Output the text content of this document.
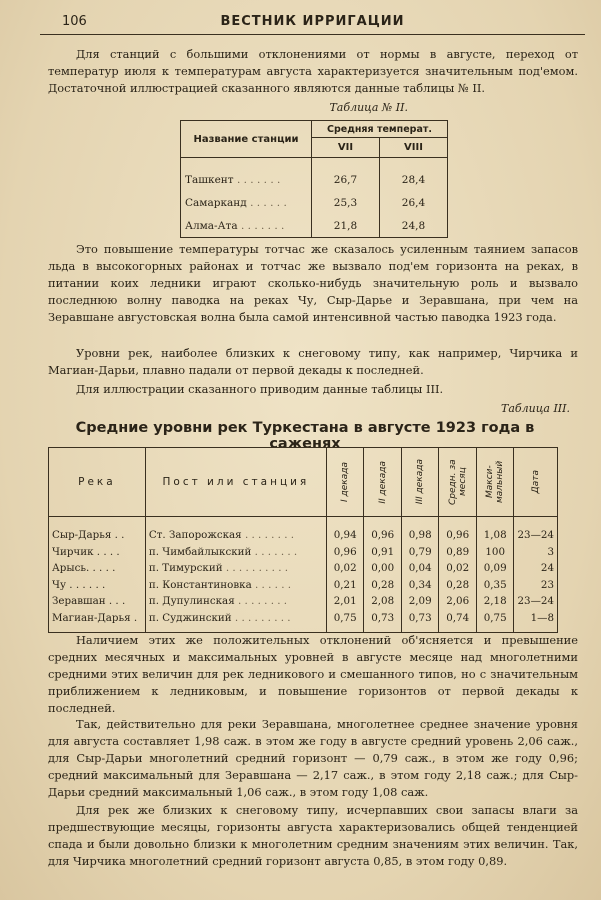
106	ВЕСТНИК ИРРИГАЦИИ

Для станций с большими отклонениями от нормы в августе, переход от температур июля к температурам августа характеризуется значительным под'емом. Достаточной иллюстрацией сказанного являются данные таблицы № II.

Таблица № II.
Название станции	Средняя температ.	
	VII	VIII

Ташкент . . . . . . .	26,7	28,4
Самарканд . . . . . .	25,3	26,4
Алма-Ата . . . . . . .	21,8	24,8

Это повышение температуры тотчас же сказалось усиленным таянием запасов льда в высокогорных районах и тотчас же вызвало под'ем горизонта на реках, в питании коих ледники играют сколько-нибудь значительную роль и вызвало последнюю волну паводка на реках Чу, Сыр-Дарье и Зеравшана, при чем на Зеравшане августовская волна была самой интенсивной частью паводка 1923 года.

Уровни рек, наиболее близких к снеговому типу, как например, Чирчика и Магиан-Дарьи, плавно падали от первой декады к последней.

Для иллюстрации сказанного приводим данные таблицы III.

Таблица III.
Средние уровни рек Туркестана в августе 1923 года в саженях
Река	Пост или станция	I декада	II декада	III декада	Средн. за месяц	Макси-мальный	Дата

Сыр-Дарья . .	Ст. Запорожская . . . . . . . .	0,94	0,96	0,98	0,96	1,08	23—24
Чирчик . . . .	п. Чимбайлыкский . . . . . . .	0,96	0,91	0,79	0,89	100	3
Арысь. . . . .	п. Тимурский . . . . . . . . . .	0,02	0,00	0,04	0,02	0,09	24
Чу . . . . . .	п. Константиновка . . . . . .	0,21	0,28	0,34	0,28	0,35	23
Зеравшан . . .	п. Дупулинская . . . . . . . .	2,01	2,08	2,09	2,06	2,18	23—24
Магиан-Дарья .	п. Суджинский . . . . . . . . .	0,75	0,73	0,73	0,74	0,75	1—8

Наличием этих же положительных отклонений об'ясняется и превышение средних месячных и максимальных уровней в августе месяце над многолетними средними этих величин для рек ледникового и смешанного типов, но с значительным приближением к ледниковым, и повышение горизонтов от первой декады к последней.

Так, действительно для реки Зеравшана, многолетнее среднее значение уровня для августа составляет 1,98 саж. в этом же году в августе средний уровень 2,06 саж., для Сыр-Дарьи многолетний средний горизонт — 0,79 саж., в этом же году 0,96; средний максимальный для Зеравшана — 2,17 саж., в этом году 2,18 саж.; для Сыр-Дарьи средний максимальный 1,06 саж., в этом году 1,08 саж.

Для рек же близких к снеговому типу, исчерпавших свои запасы влаги за предшествующие месяцы, горизонты августа характеризовались общей тенденцией спада и были довольно близки к многолетним средним значениям этих величин. Так, для Чирчика многолетний средний горизонт августа 0,85, в этом году 0,89.
